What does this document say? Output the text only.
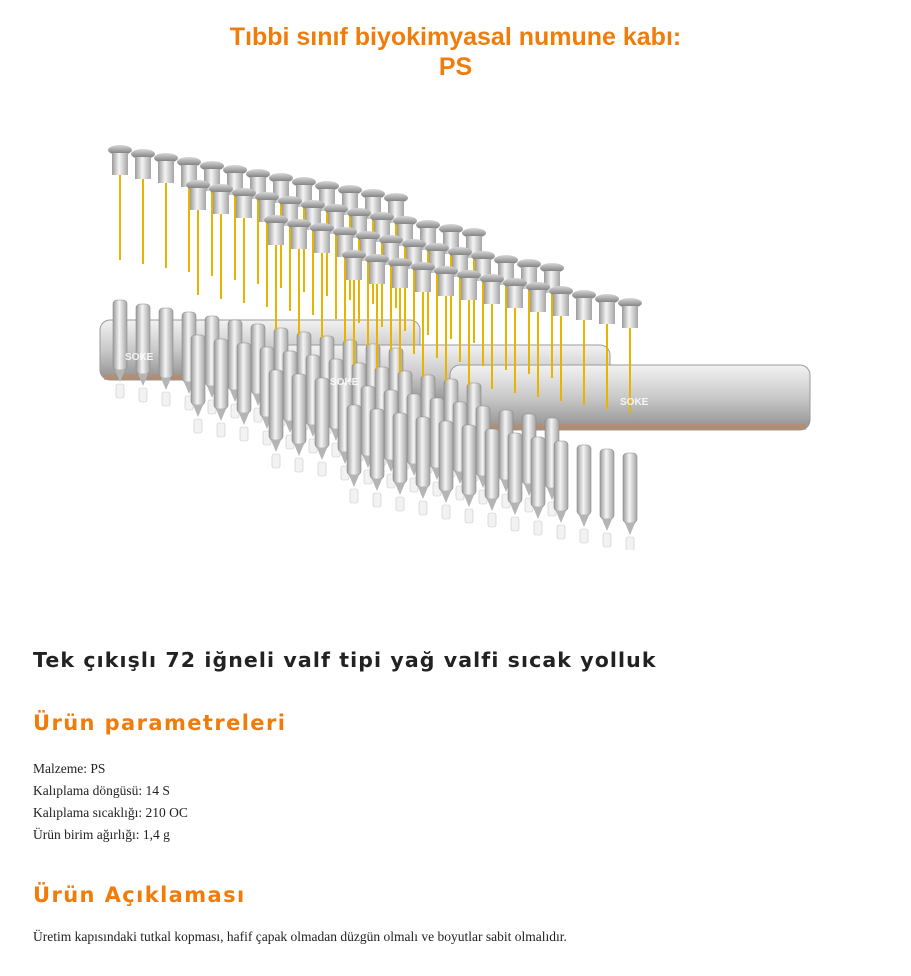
Tıbbi sınıf biyokimyasal numune kabı:
PS
SOKE
SOKE
SOKE
Tek çıkışlı 72 iğneli valf tipi yağ valfi sıcak yolluk
Ürün parametreleri
Malzeme: PS
Kalıplama döngüsü: 14 S
Kalıplama sıcaklığı: 210 OC
Ürün birim ağırlığı: 1,4 g
Ürün Açıklaması

Üretim kapısındaki tutkal kopması, hafif çapak olmadan düzgün olmalı ve boyutlar sabit olmalıdır.
